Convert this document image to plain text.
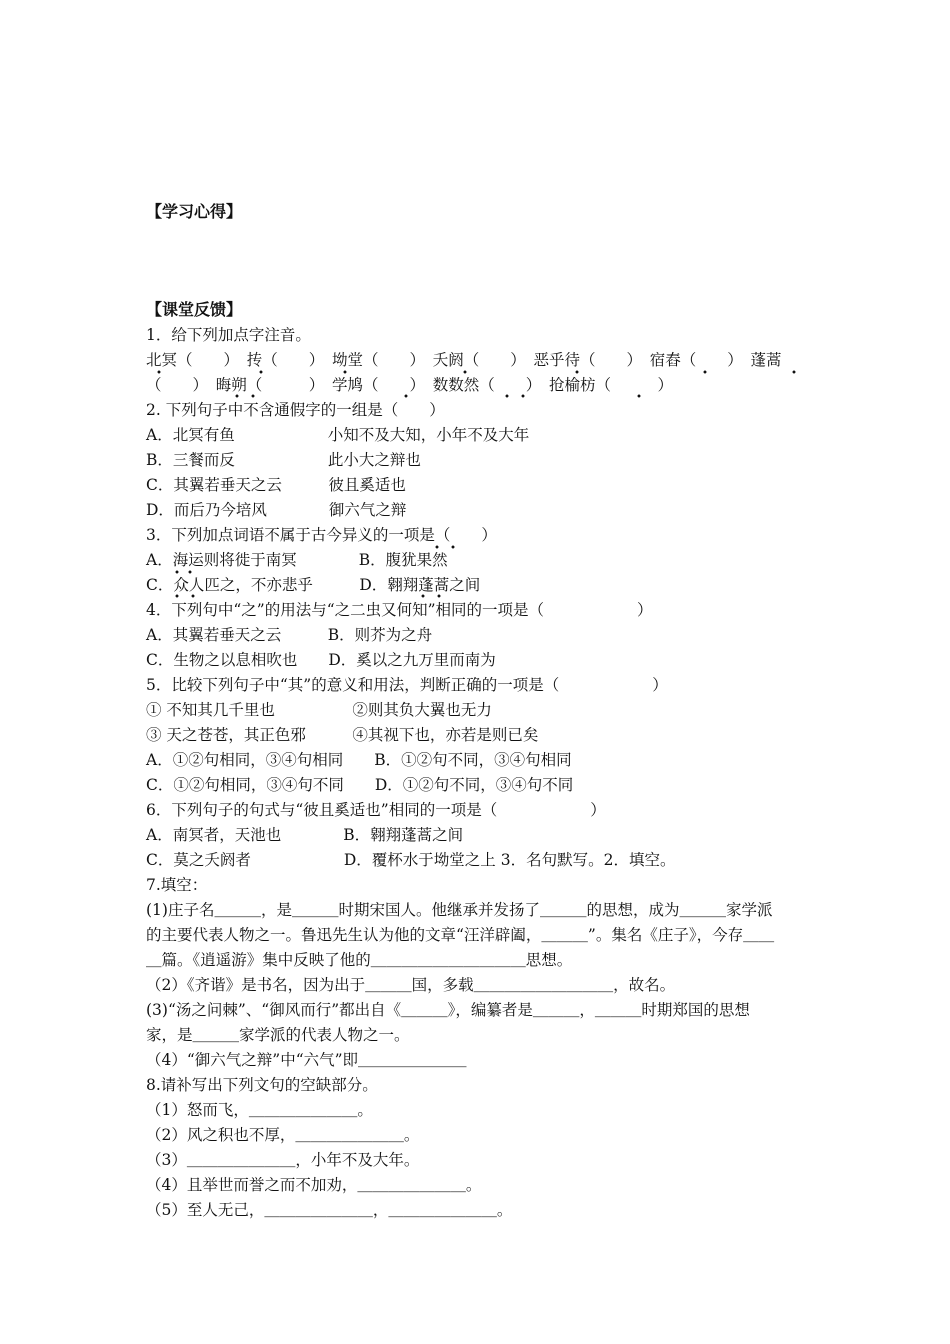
【学习心得】
【课堂反馈】
1．给下列加点字注音。
北冥（　　）　抟（　　）　坳堂（　　）　夭阏（　　）　恶乎待（　　）　宿舂（　　）　蓬蒿
（　　）　晦朔（　　　）　学鸠（　　）　数数然（　　）　抢榆枋（　　　）
2. 下列句子中不含通假字的一组是（　　）
A．北冥有鱼　　　　　　小知不及大知，小年不及大年
B．三餐而反　　　　　　此小大之辩也
C．其翼若垂天之云　　　彼且奚适也
D．而后乃今培风　　　　御六气之辩
3．下列加点词语不属于古今异义的一项是（　　）
A．海运则将徙于南冥　　　　B．腹犹果然
C．众人匹之，不亦悲乎　　　D．翱翔蓬蒿之间
4．下列句中“之”的用法与“之二虫又何知”相同的一项是（　　　　　　）
A．其翼若垂天之云　　　B．则芥为之舟
C．生物之以息相吹也　　D．奚以之九万里而南为
5．比较下列句子中“其”的意义和用法，判断正确的一项是（　　　　　　）
① 不知其几千里也　　　　　②则其负大翼也无力
③ 天之苍苍，其正色邪　　　④其视下也，亦若是则已矣
A．①②句相同，③④句相同　　B．①②句不同，③④句相同
C．①②句相同，③④句不同　　D．①②句不同，③④句不同
6．下列句子的句式与“彼且奚适也”相同的一项是（　　　　　　）
A．南冥者，天池也　　　　B．翱翔蓬蒿之间
C．莫之夭阏者　　　　　　D．覆杯水于坳堂之上 3．名句默写。2．填空。
7.填空：
(1)庄子名＿＿＿，是＿＿＿时期宋国人。他继承并发扬了＿＿＿的思想，成为＿＿＿家学派
的主要代表人物之一。鲁迅先生认为他的文章“汪洋辟阖，＿＿＿”。集名《庄子》，今存＿＿
＿篇。《逍遥游》集中反映了他的＿＿＿＿＿＿＿＿＿＿思想。
（2）《齐谐》是书名，因为出于＿＿＿国，多载＿＿＿＿＿＿＿＿＿，故名。
(3)“汤之问棘”、“御风而行”都出自《＿＿＿》，编纂者是＿＿＿，＿＿＿时期郑国的思想
家，是＿＿＿家学派的代表人物之一。
（4）“御六气之辩”中“六气”即＿＿＿＿＿＿＿
8.请补写出下列文句的空缺部分。
（1）怒而飞，＿＿＿＿＿＿＿。
（2）风之积也不厚，＿＿＿＿＿＿＿。
（3）＿＿＿＿＿＿＿，小年不及大年。
（4）且举世而誉之而不加劝，＿＿＿＿＿＿＿。
（5）至人无己，＿＿＿＿＿＿＿，＿＿＿＿＿＿＿。
